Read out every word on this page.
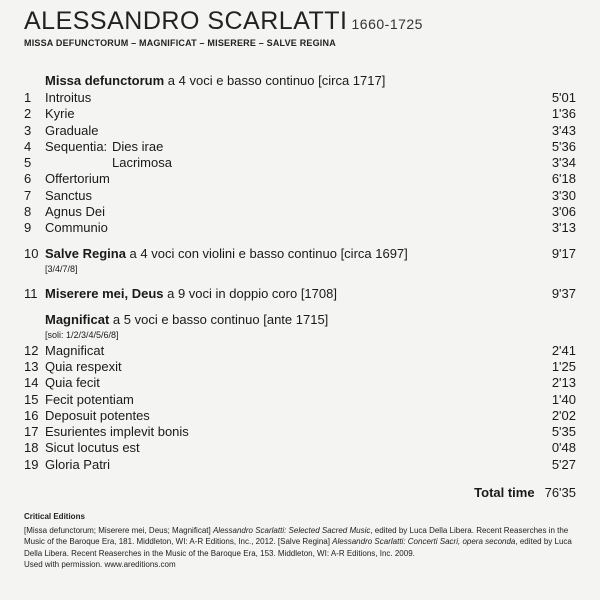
ALESSANDRO SCARLATTI 1660-1725
MISSA DEFUNCTORUM – MAGNIFICAT – MISERERE – SALVE REGINA
Missa defunctorum a 4 voci e basso continuo [circa 1717]
1	Introitus	5'01
2	Kyrie	1'36
3	Graduale	3'43
4	Sequentia: Dies irae	5'36
5	Lacrimosa	3'34
6	Offertorium	6'18
7	Sanctus	3'30
8	Agnus Dei	3'06
9	Communio	3'13
10 Salve Regina a 4 voci con violini e basso continuo [circa 1697]	9'17
[3/4/7/8]
11 Miserere mei, Deus a 9 voci in doppio coro [1708]	9'37
Magnificat a 5 voci e basso continuo [ante 1715]
[soli: 1/2/3/4/5/6/8]
12 Magnificat	2'41
13 Quia respexit	1'25
14 Quia fecit	2'13
15 Fecit potentiam	1'40
16 Deposuit potentes	2'02
17 Esurientes implevit bonis	5'35
18 Sicut locutus est	0'48
19 Gloria Patri	5'27
Total time 76'35
Critical Editions
[Missa defunctorum; Miserere mei, Deus; Magnificat] Alessandro Scarlatti: Selected Sacred Music, edited by Luca Della Libera. Recent Reaserches in the Music of the Baroque Era, 181. Middleton, WI: A-R Editions, Inc., 2012. [Salve Regina] Alessandro Scarlatti: Concerti Sacri, opera seconda, edited by Luca Della Libera. Recent Reaserches in the Music of the Baroque Era, 153. Middleton, WI: A-R Editions, Inc. 2009.
Used with permission. www.areditions.com
